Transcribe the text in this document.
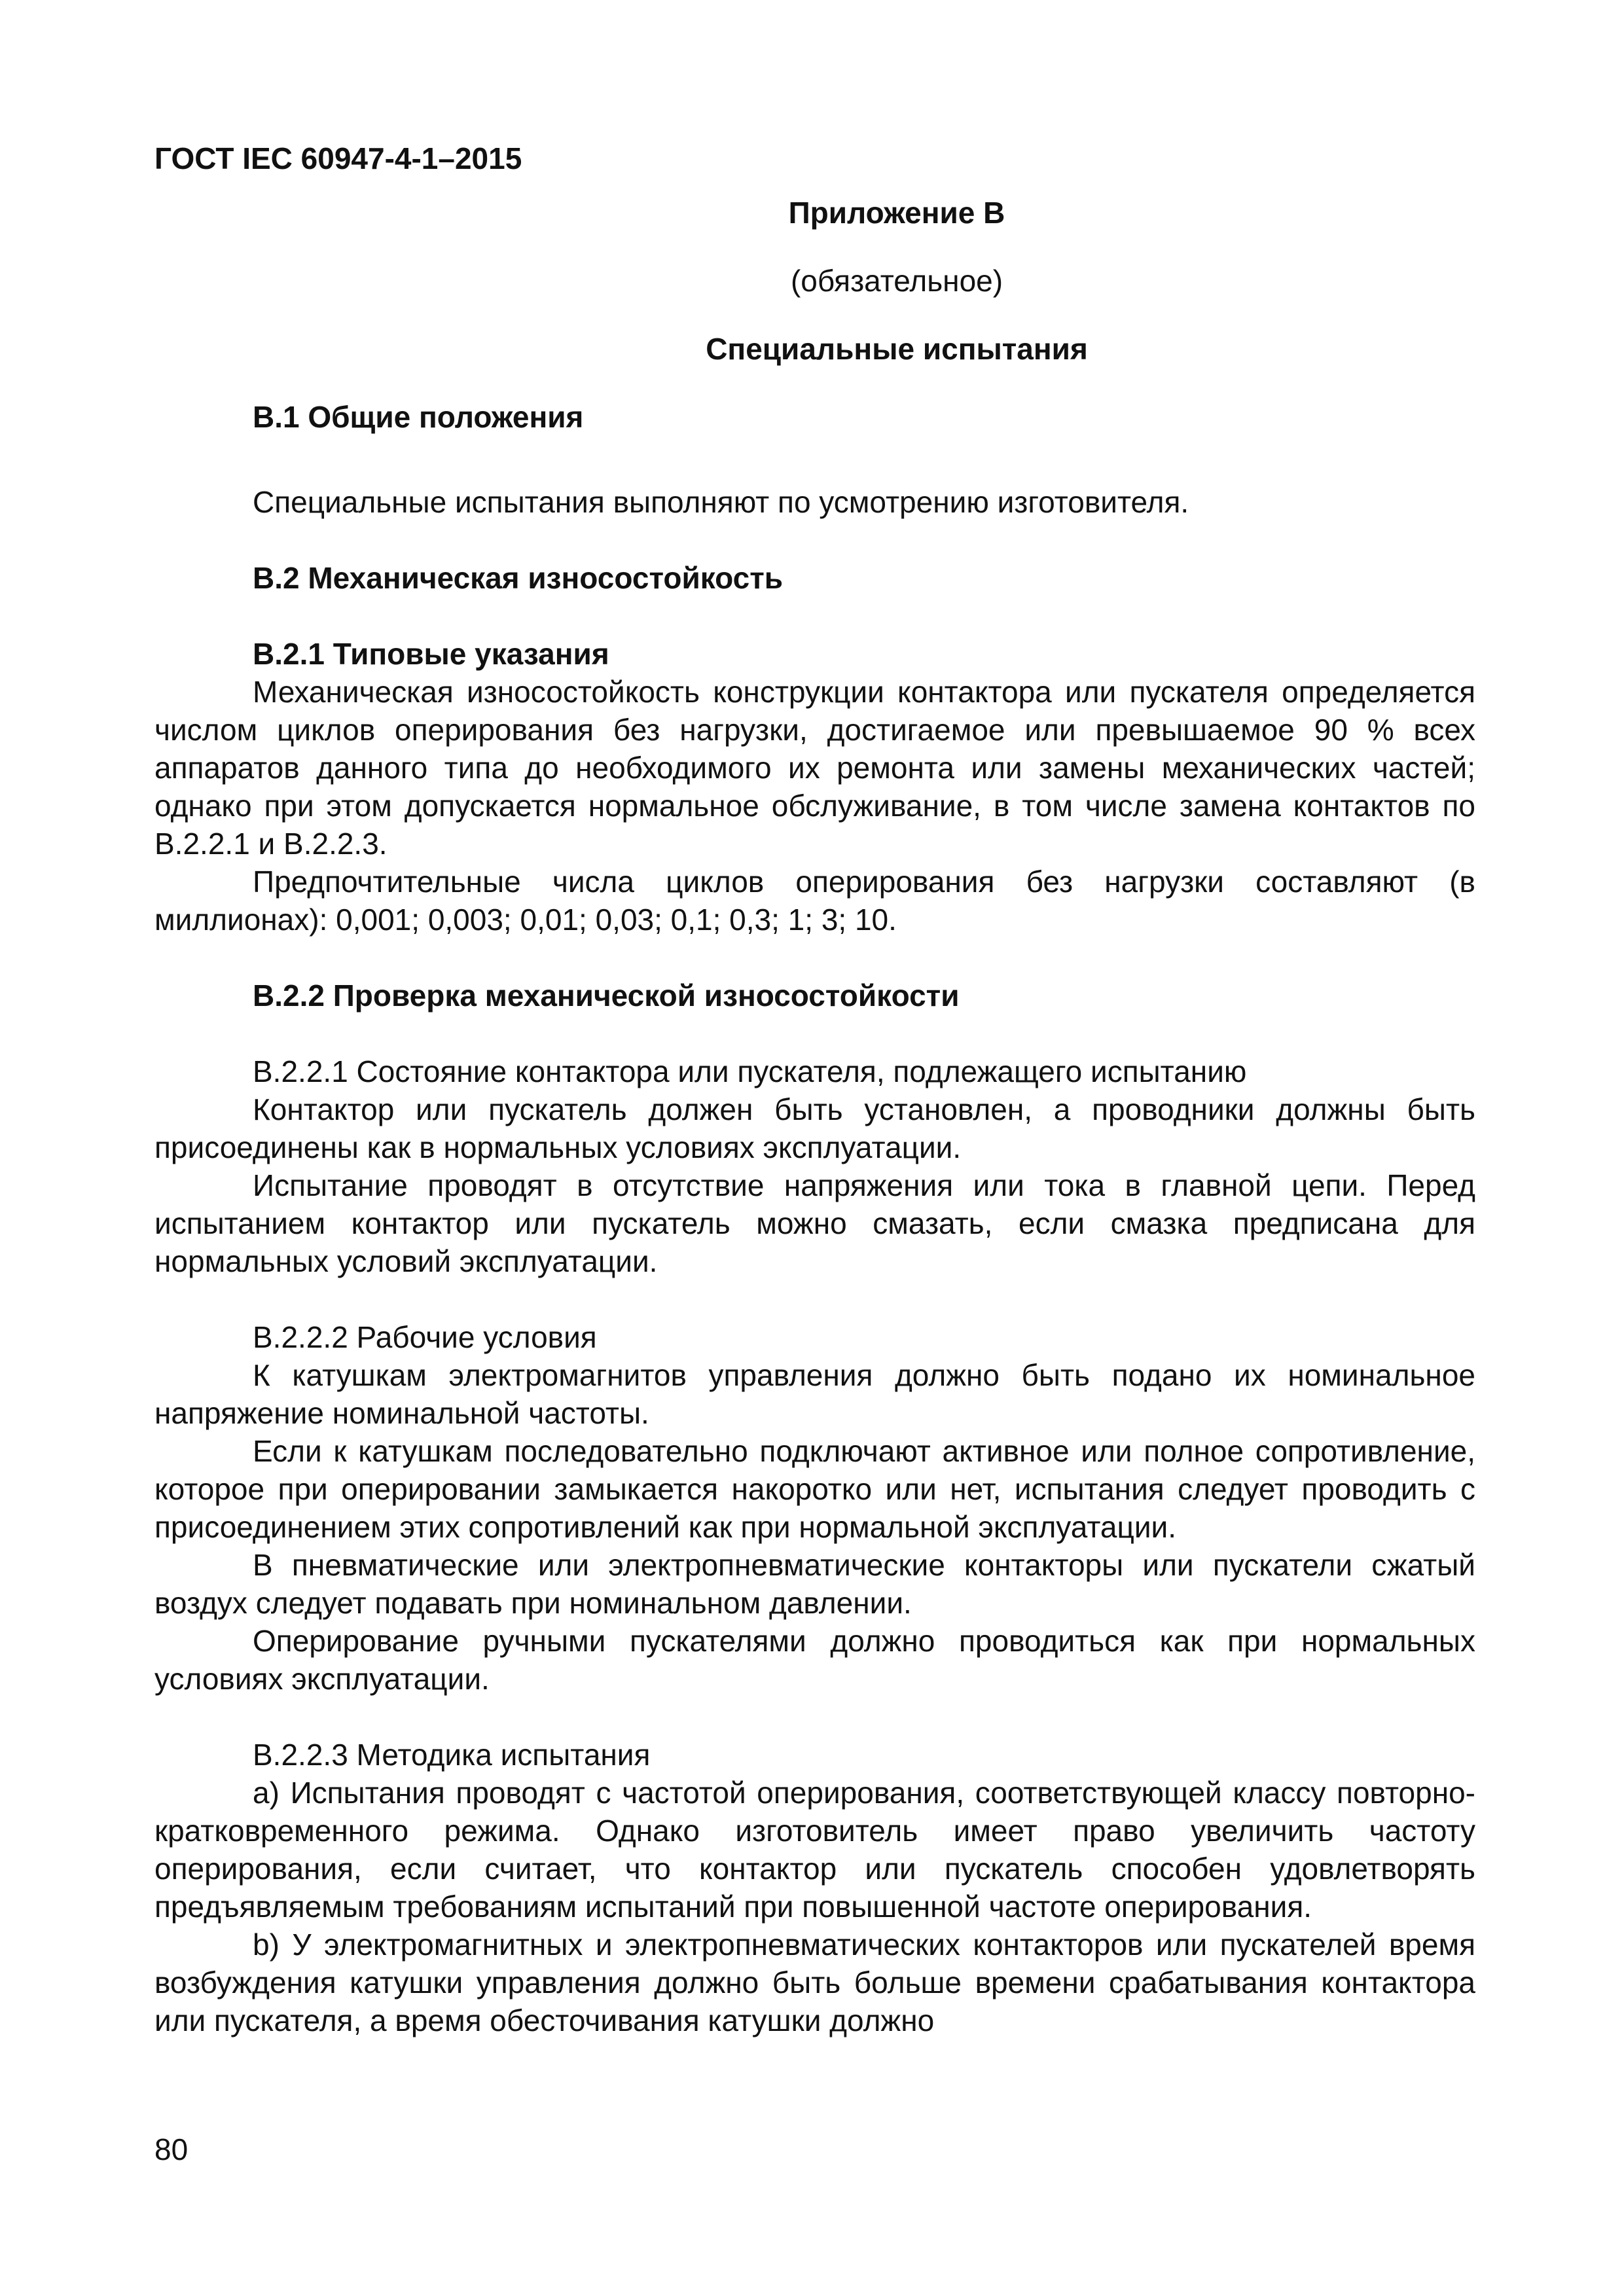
ГОСТ IEC 60947-4-1–2015

Приложение В

(обязательное)

Специальные испытания

В.1 Общие положения

Специальные испытания выполняют по усмотрению изготовителя.

В.2 Механическая износостойкость

В.2.1 Типовые указания

Механическая износостойкость конструкции контактора или пускателя определяется числом циклов оперирования без нагрузки, достигаемое или превышаемое 90 % всех аппаратов данного типа до необходимого их ремонта или замены механических частей; однако при этом допускается нормальное обслуживание, в том числе замена контактов по В.2.2.1 и В.2.2.3.

Предпочтительные числа циклов оперирования без нагрузки составляют (в миллионах): 0,001; 0,003; 0,01; 0,03; 0,1; 0,3; 1; 3; 10.

В.2.2 Проверка механической износостойкости

В.2.2.1 Состояние контактора или пускателя, подлежащего испытанию

Контактор или пускатель должен быть установлен, а проводники должны быть присоединены как в нормальных условиях эксплуатации.

Испытание проводят в отсутствие напряжения или тока в главной цепи. Перед испытанием контактор или пускатель можно смазать, если смазка предписана для нормальных условий эксплуатации.

В.2.2.2 Рабочие условия

К катушкам электромагнитов управления должно быть подано их номинальное напряжение номинальной частоты.

Если к катушкам последовательно подключают активное или полное сопротивление, которое при оперировании замыкается накоротко или нет, испытания следует проводить с присоединением этих сопротивлений как при нормальной эксплуатации.

В пневматические или электропневматические контакторы или пускатели сжатый воздух следует подавать при номинальном давлении.

Оперирование ручными пускателями должно проводиться как при нормальных условиях эксплуатации.

В.2.2.3 Методика испытания

а) Испытания проводят с частотой оперирования, соответствующей классу повторно-кратковременного режима. Однако изготовитель имеет право увеличить частоту оперирования, если считает, что контактор или пускатель способен удовлетворять предъявляемым требованиям испытаний при повышенной частоте оперирования.

b) У электромагнитных и электропневматических контакторов или пускателей время возбуждения катушки управления должно быть больше времени срабатывания контактора или пускателя, а время обесточивания катушки должно

80
